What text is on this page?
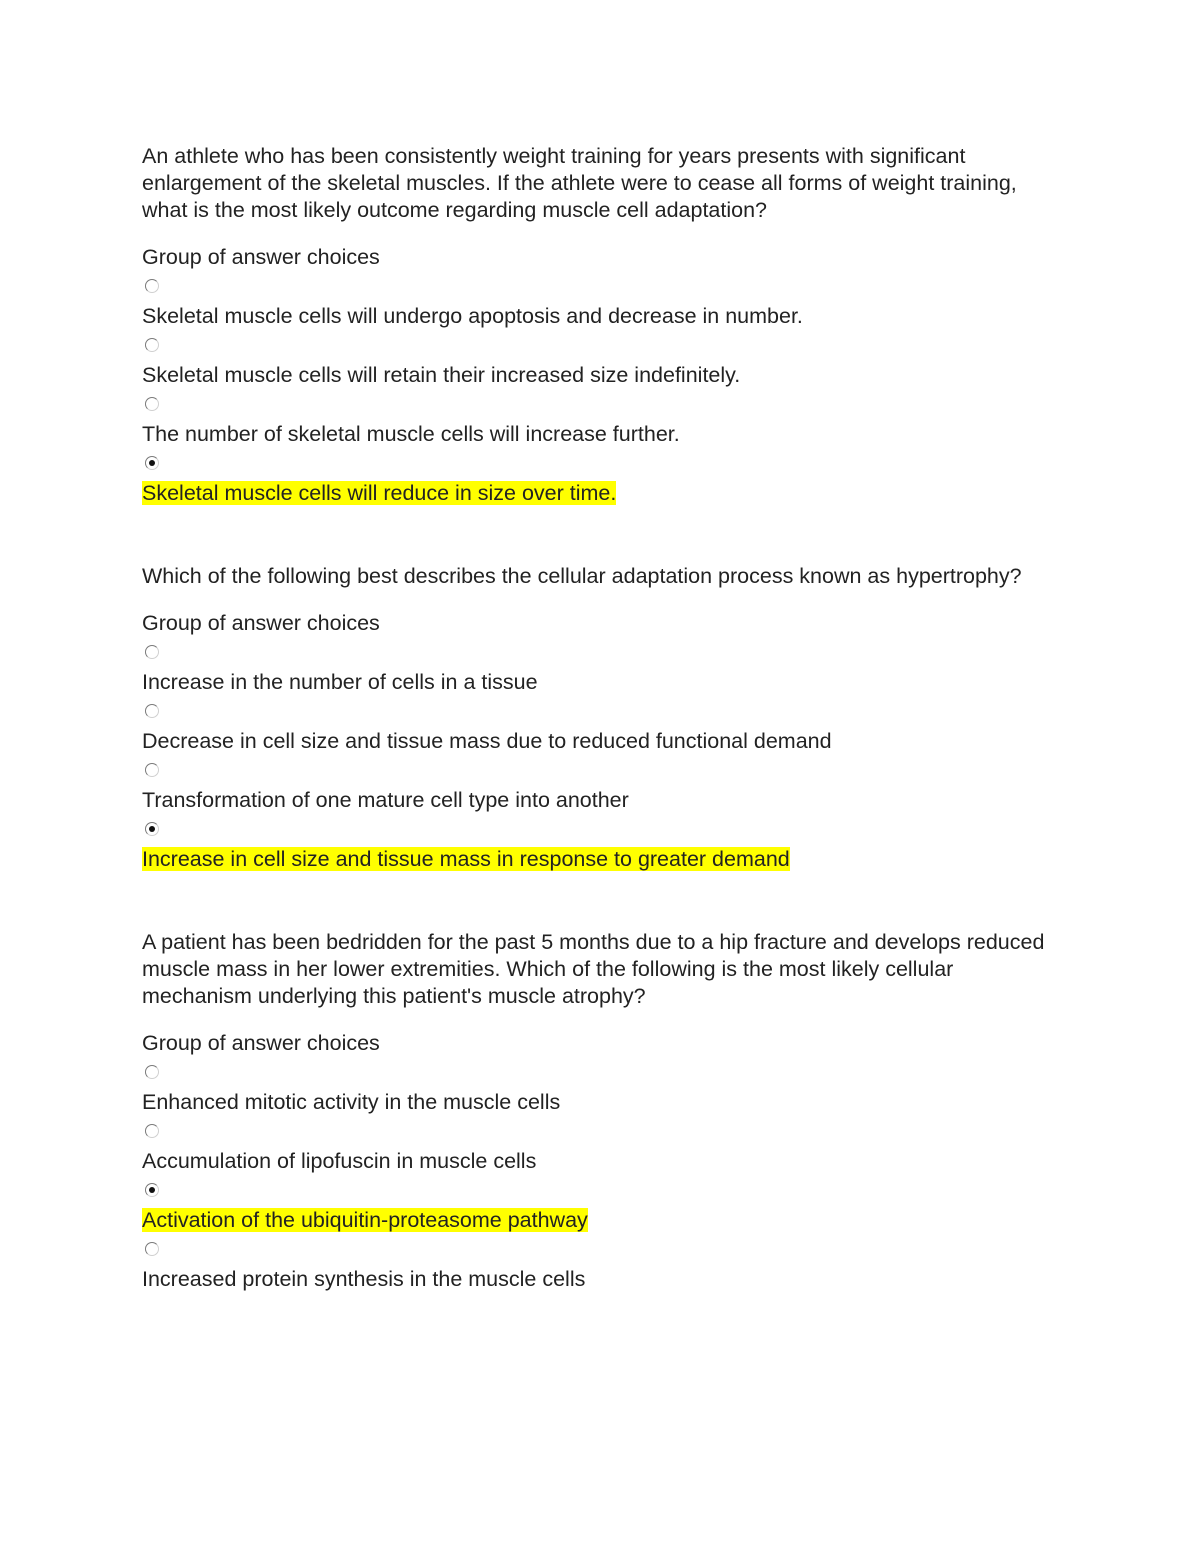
An athlete who has been consistently weight training for years presents with significant enlargement of the skeletal muscles. If the athlete were to cease all forms of weight training, what is the most likely outcome regarding muscle cell adaptation?

Group of answer choices

Skeletal muscle cells will undergo apoptosis and decrease in number.
Skeletal muscle cells will retain their increased size indefinitely.
The number of skeletal muscle cells will increase further.
Skeletal muscle cells will reduce in size over time.

Which of the following best describes the cellular adaptation process known as hypertrophy?

Group of answer choices

Increase in the number of cells in a tissue
Decrease in cell size and tissue mass due to reduced functional demand
Transformation of one mature cell type into another
Increase in cell size and tissue mass in response to greater demand

A patient has been bedridden for the past 5 months due to a hip fracture and develops reduced muscle mass in her lower extremities. Which of the following is the most likely cellular mechanism underlying this patient's muscle atrophy?

Group of answer choices

Enhanced mitotic activity in the muscle cells
Accumulation of lipofuscin in muscle cells
Activation of the ubiquitin-proteasome pathway
Increased protein synthesis in the muscle cells
